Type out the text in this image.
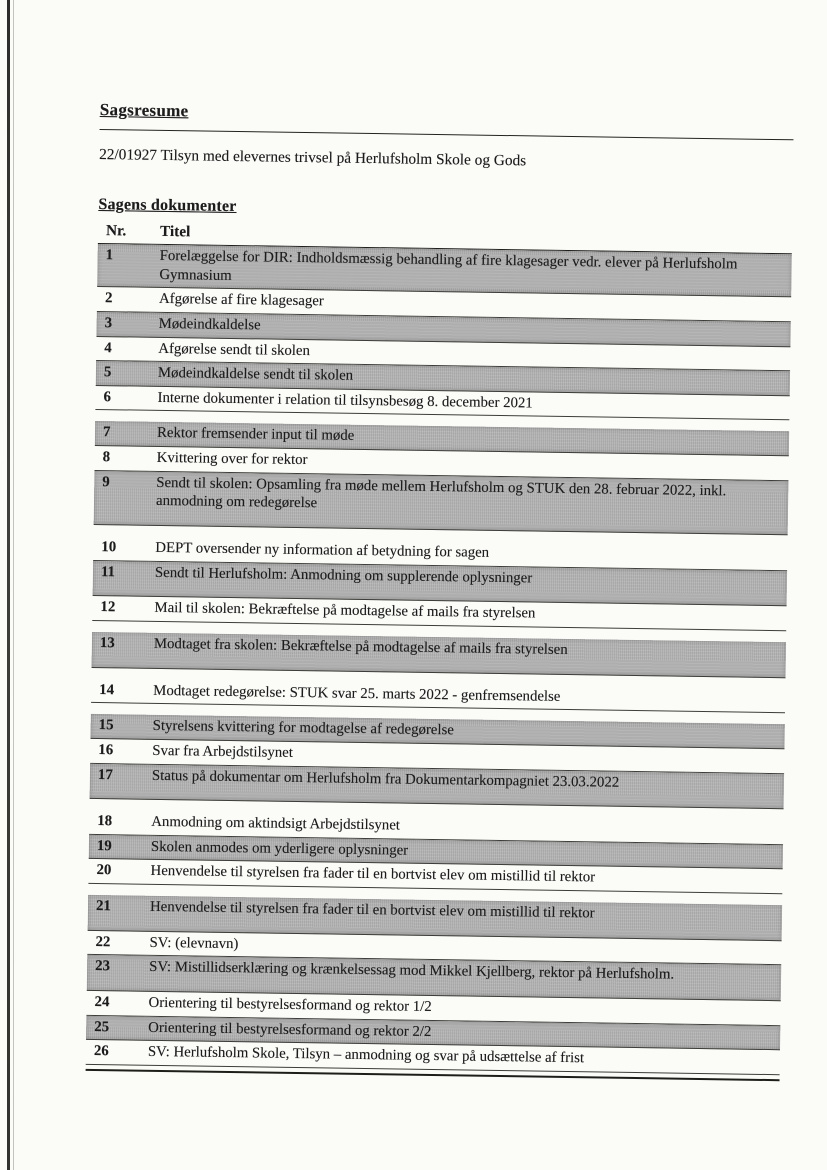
Sagsresume
22/01927 Tilsyn med elevernes trivsel på Herlufsholm Skole og Gods
Sagens dokumenter
Nr.	Titel
1	Forelæggelse for DIR: Indholdsmæssig behandling af fire klagesager vedr. elever på Herlufsholm Gymnasium
2	Afgørelse af fire klagesager
3	Mødeindkaldelse
4	Afgørelse sendt til skolen
5	Mødeindkaldelse sendt til skolen
6	Interne dokumenter i relation til tilsynsbesøg 8. december 2021
7	Rektor fremsender input til møde
8	Kvittering over for rektor
9	Sendt til skolen: Opsamling fra møde mellem Herlufsholm og STUK den 28. februar 2022, inkl. anmodning om redegørelse
10	DEPT oversender ny information af betydning for sagen
11	Sendt til Herlufsholm: Anmodning om supplerende oplysninger
12	Mail til skolen: Bekræftelse på modtagelse af mails fra styrelsen
13	Modtaget fra skolen: Bekræftelse på modtagelse af mails fra styrelsen
14	Modtaget redegørelse: STUK svar 25. marts 2022 - genfremsendelse
15	Styrelsens kvittering for modtagelse af redegørelse
16	Svar fra Arbejdstilsynet
17	Status på dokumentar om Herlufsholm fra Dokumentarkompagniet 23.03.2022
18	Anmodning om aktindsigt Arbejdstilsynet
19	Skolen anmodes om yderligere oplysninger
20	Henvendelse til styrelsen fra fader til en bortvist elev om mistillid til rektor
21	Henvendelse til styrelsen fra fader til en bortvist elev om mistillid til rektor
22	SV: (elevnavn)
23	SV: Mistillidserklæring og krænkelsessag mod Mikkel Kjellberg, rektor på Herlufsholm.
24	Orientering til bestyrelsesformand og rektor 1/2
25	Orientering til bestyrelsesformand og rektor 2/2
26	SV: Herlufsholm Skole, Tilsyn – anmodning og svar på udsættelse af frist
